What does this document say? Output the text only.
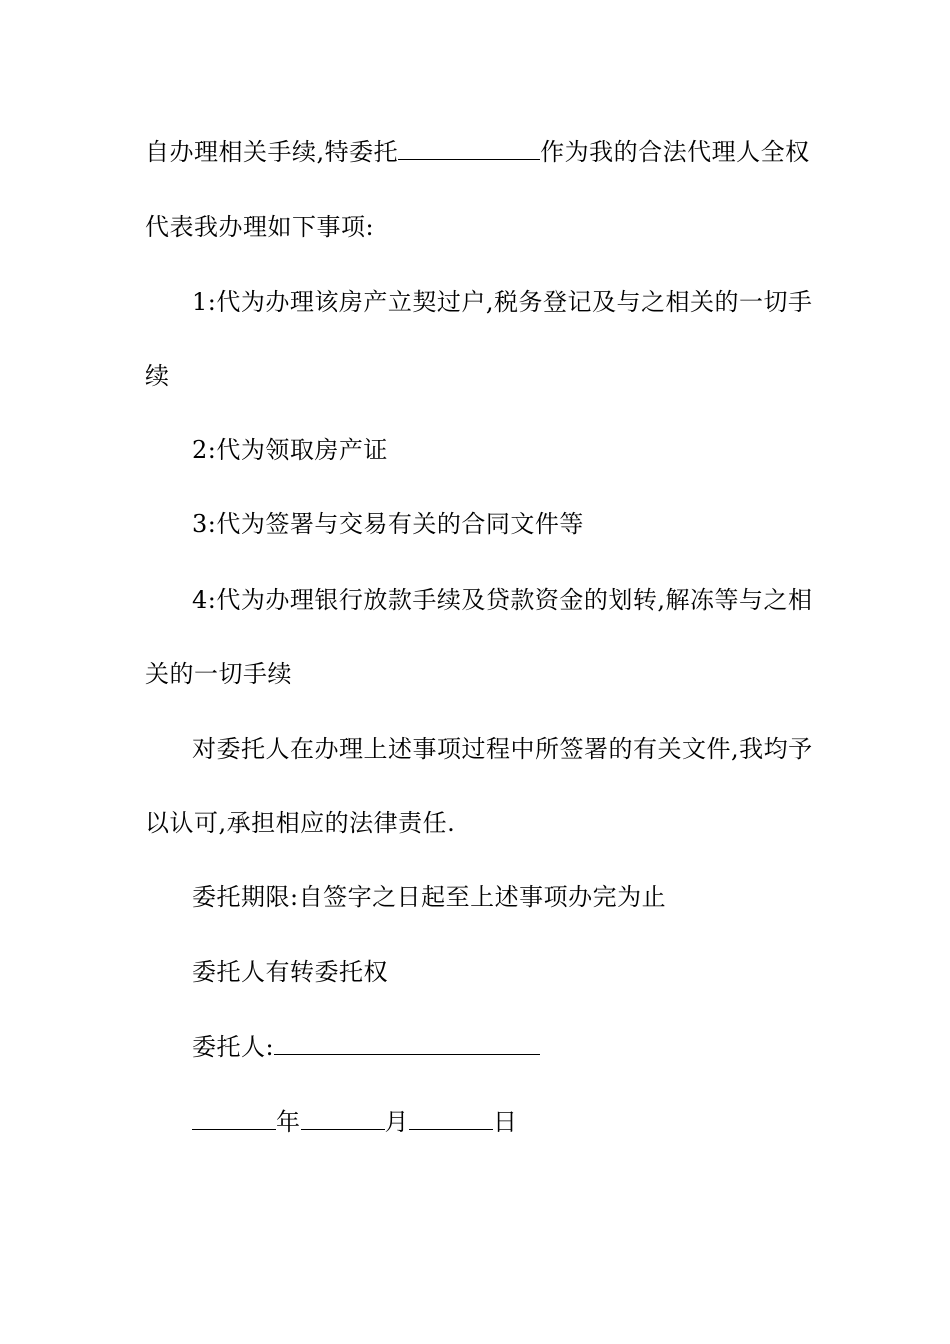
自办理相关手续,特委托	作为我的合法代理人全权
代表我办理如下事项:
1:代为办理该房产立契过户,税务登记及与之相关的一切手
续
2:代为领取房产证
3:代为签署与交易有关的合同文件等
4:代为办理银行放款手续及贷款资金的划转,解冻等与之相
关的一切手续
对委托人在办理上述事项过程中所签署的有关文件,我均予
以认可,承担相应的法律责任.
委托期限:自签字之日起至上述事项办完为止
委托人有转委托权
委托人:
年	月	日
